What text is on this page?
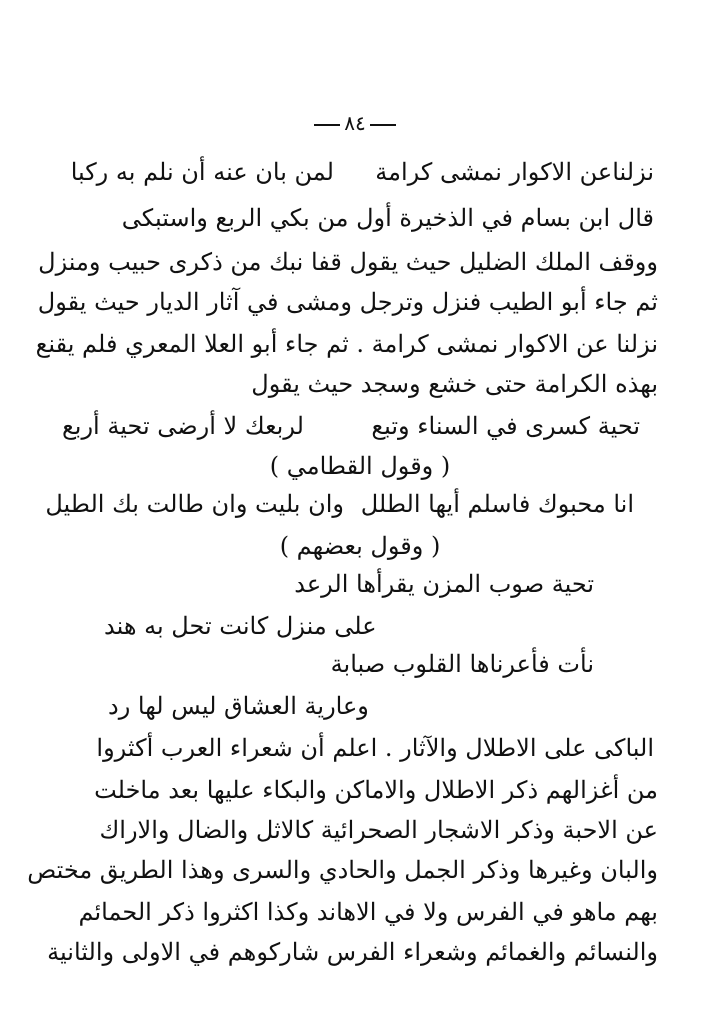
٨٤
نزلناعن الاكوار نمشى كرامة
لمن بان عنه أن نلم به ركبا
قال ابن بسام في الذخيرة أول من بكي الربع واستبكى
ووقف الملك الضليل حيث يقول قفا نبك من ذكرى حبيب ومنزل
ثم جاء أبو الطيب فنزل وترجل ومشى في آثار الديار حيث يقول
نزلنا عن الاكوار نمشى كرامة . ثم جاء أبو العلا المعري فلم يقنع
بهذه الكرامة حتى خشع وسجد حيث يقول
تحية كسرى في السناء وتبع
لربعك لا أرضى تحية أربع
( وقول القطامي )
انا محبوك فاسلم أيها الطلل
وان بليت وان طالت بك الطيل
( وقول بعضهم )
تحية صوب المزن يقرأها الرعد
على منزل كانت تحل به هند
نأت فأعرناها القلوب صبابة
وعارية العشاق ليس لها رد
الباكى على الاطلال والآثار . اعلم أن شعراء العرب أكثروا
من أغزالهم ذكر الاطلال والاماكن والبكاء عليها بعد ماخلت
عن الاحبة وذكر الاشجار الصحرائية كالاثل والضال والاراك
والبان وغيرها وذكر الجمل والحادي والسرى وهذا الطريق مختص
بهم ماهو في الفرس ولا في الاهاند وكذا اكثروا ذكر الحمائم
والنسائم والغمائم وشعراء الفرس شاركوهم في الاولى والثانية
